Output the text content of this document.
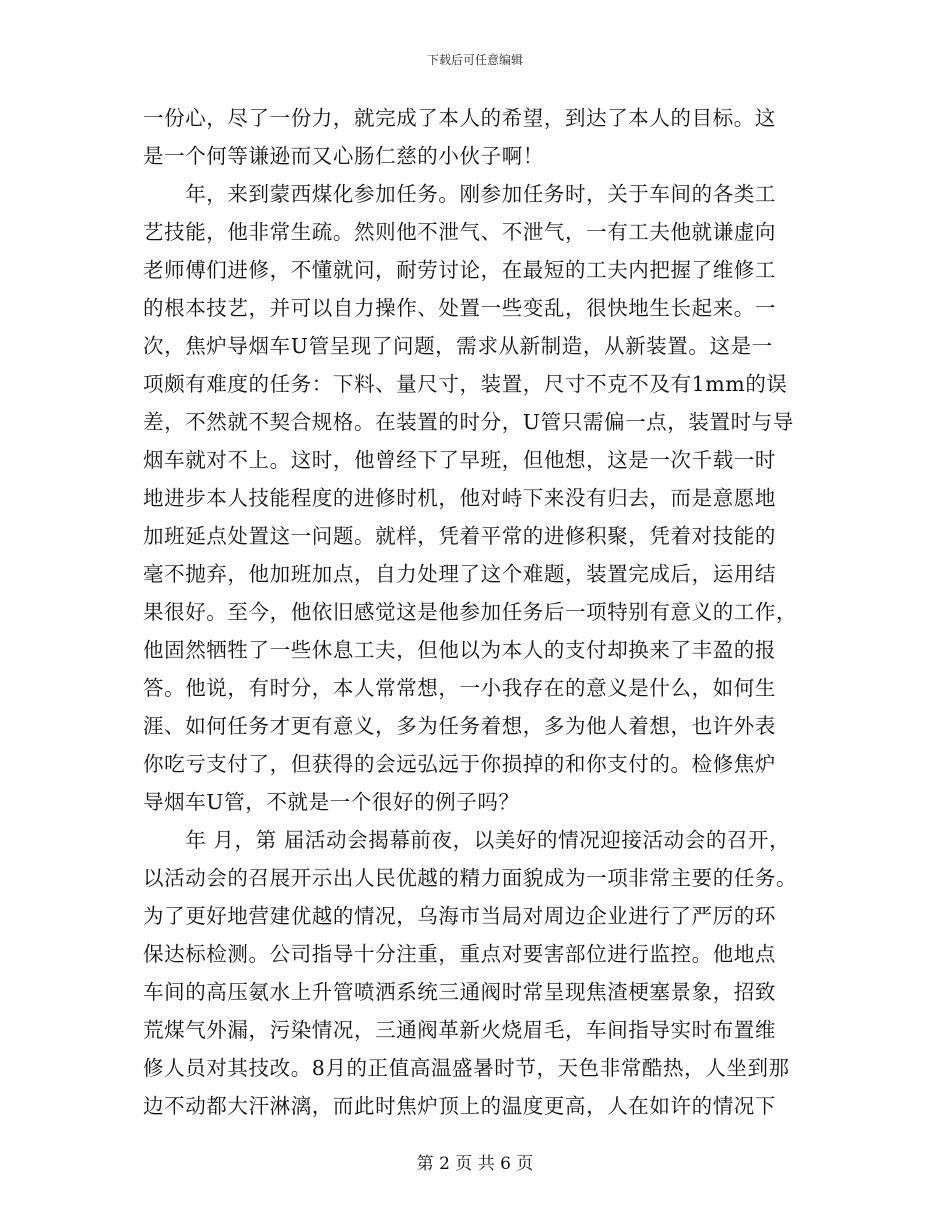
下载后可任意编辑
一份心，尽了一份力，就完成了本人的希望，到达了本人的目标。这
是一个何等谦逊而又心肠仁慈的小伙子啊！
　　年，来到蒙西煤化参加任务。刚参加任务时，关于车间的各类工
艺技能，他非常生疏。然则他不泄气、不泄气，一有工夫他就谦虚向
老师傅们进修，不懂就问，耐劳讨论，在最短的工夫内把握了维修工
的根本技艺，并可以自力操作、处置一些变乱，很快地生长起来。一
次，焦炉导烟车U管呈现了问题，需求从新制造，从新装置。这是一
项颇有难度的任务：下料、量尺寸，装置，尺寸不克不及有1mm的误
差，不然就不契合规格。在装置的时分，U管只需偏一点，装置时与导
烟车就对不上。这时，他曾经下了早班，但他想，这是一次千载一时
地进步本人技能程度的进修时机，他对峙下来没有归去，而是意愿地
加班延点处置这一问题。就样，凭着平常的进修积聚，凭着对技能的
毫不抛弃，他加班加点，自力处理了这个难题，装置完成后，运用结
果很好。至今，他依旧感觉这是他参加任务后一项特别有意义的工作，
他固然牺牲了一些休息工夫，但他以为本人的支付却换来了丰盈的报
答。他说，有时分，本人常常想，一小我存在的意义是什么，如何生
涯、如何任务才更有意义，多为任务着想，多为他人着想，也许外表
你吃亏支付了，但获得的会远弘远于你损掉的和你支付的。检修焦炉
导烟车U管，不就是一个很好的例子吗？
　　年 月，第 届活动会揭幕前夜，以美好的情况迎接活动会的召开，
以活动会的召展开示出人民优越的精力面貌成为一项非常主要的任务。
为了更好地营建优越的情况，乌海市当局对周边企业进行了严厉的环
保达标检测。公司指导十分注重，重点对要害部位进行监控。他地点
车间的高压氨水上升管喷洒系统三通阀时常呈现焦渣梗塞景象，招致
荒煤气外漏，污染情况，三通阀革新火烧眉毛，车间指导实时布置维
修人员对其技改。8月的正值高温盛暑时节，天色非常酷热，人坐到那
边不动都大汗淋漓，而此时焦炉顶上的温度更高，人在如许的情况下
第 2 页 共 6 页
